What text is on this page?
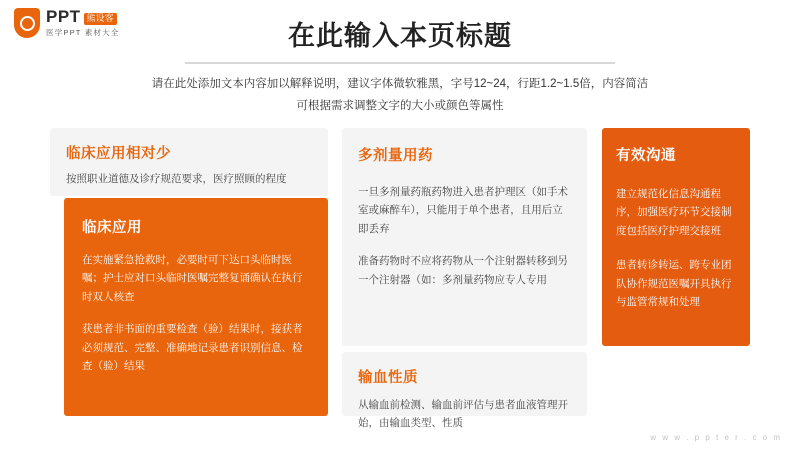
PPT 熊设客
医学PPT 素材大全	在此输入本页标题
请在此处添加文本内容加以解释说明，建议字体微软雅黑，字号12~24，行距1.2~1.5倍，内容简洁
可根据需求调整文字的大小或颜色等属性
临床应用相对少
按照职业道德及诊疗规范要求，医疗照顾的程度
临床应用
在实施紧急抢救时，必要时可下达口头临时医嘱；护士应对口头临时医嘱完整复诵确认在执行时双人核查
获患者非书面的重要检查（验）结果时，接获者必须规范、完整、准确地记录患者识别信息、检查（验）结果
多剂量用药
一旦多剂量药瓶药物进入患者护理区（如手术室或麻醉车），只能用于单个患者，且用后立即丢弃
准备药物时不应将药物从一个注射器转移到另一个注射器（如：多剂量药物应专人专用
输血性质
从输血前检测、输血前评估与患者血液管理开始，由输血类型、性质
有效沟通
建立规范化信息沟通程序，加强医疗环节交接制度包括医疗护理交接班
患者转诊转运、跨专业团队协作规范医嘱开具执行与监管常规和处理
w w w . p p t e r . c o m
